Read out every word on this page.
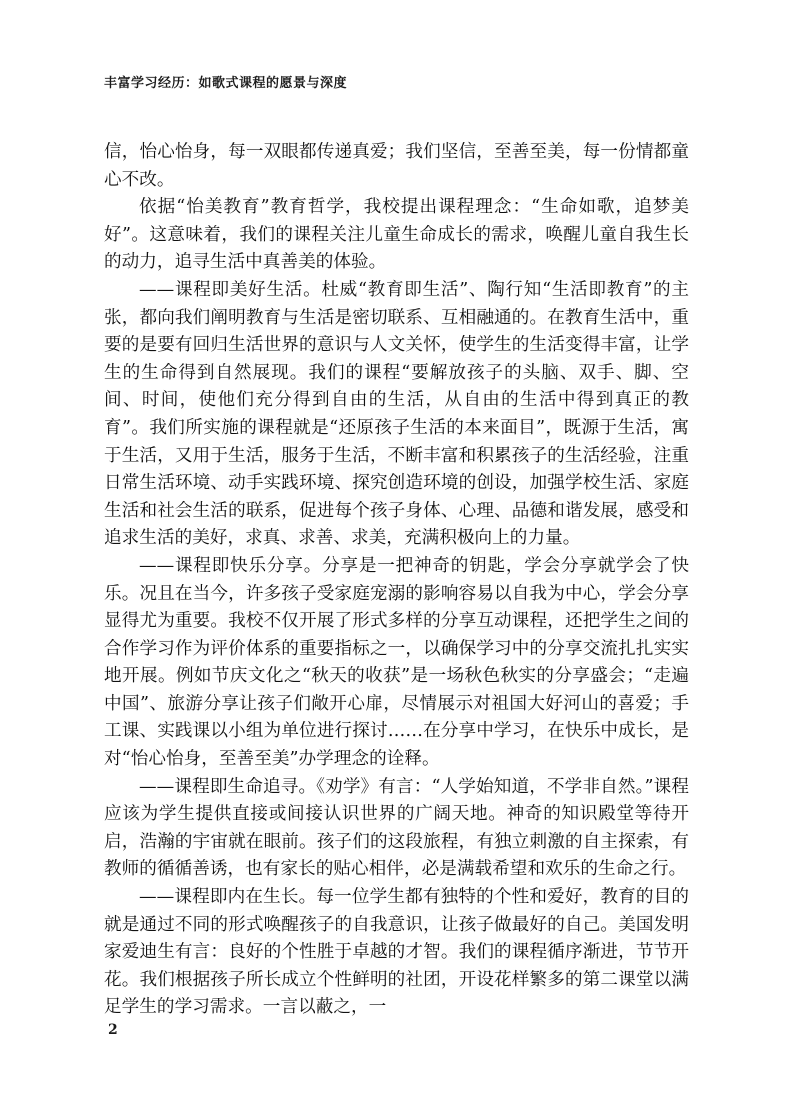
丰富学习经历：如歌式课程的愿景与深度

信，怡心怡身，每一双眼都传递真爱；我们坚信，至善至美，每一份情都童心不改。

依据“怡美教育”教育哲学，我校提出课程理念：“生命如歌，追梦美好”。这意味着，我们的课程关注儿童生命成长的需求，唤醒儿童自我生长的动力，追寻生活中真善美的体验。

——课程即美好生活。杜威“教育即生活”、陶行知“生活即教育”的主张，都向我们阐明教育与生活是密切联系、互相融通的。在教育生活中，重要的是要有回归生活世界的意识与人文关怀，使学生的生活变得丰富，让学生的生命得到自然展现。我们的课程“要解放孩子的头脑、双手、脚、空间、时间，使他们充分得到自由的生活，从自由的生活中得到真正的教育”。我们所实施的课程就是“还原孩子生活的本来面目”，既源于生活，寓于生活，又用于生活，服务于生活，不断丰富和积累孩子的生活经验，注重日常生活环境、动手实践环境、探究创造环境的创设，加强学校生活、家庭生活和社会生活的联系，促进每个孩子身体、心理、品德和谐发展，感受和追求生活的美好，求真、求善、求美，充满积极向上的力量。

——课程即快乐分享。分享是一把神奇的钥匙，学会分享就学会了快乐。况且在当今，许多孩子受家庭宠溺的影响容易以自我为中心，学会分享显得尤为重要。我校不仅开展了形式多样的分享互动课程，还把学生之间的合作学习作为评价体系的重要指标之一，以确保学习中的分享交流扎扎实实地开展。例如节庆文化之“秋天的收获”是一场秋色秋实的分享盛会；“走遍中国”、旅游分享让孩子们敞开心扉，尽情展示对祖国大好河山的喜爱；手工课、实践课以小组为单位进行探讨……在分享中学习，在快乐中成长，是对“怡心怡身，至善至美”办学理念的诠释。

——课程即生命追寻。《劝学》有言：“人学始知道，不学非自然。”课程应该为学生提供直接或间接认识世界的广阔天地。神奇的知识殿堂等待开启，浩瀚的宇宙就在眼前。孩子们的这段旅程，有独立刺激的自主探索，有教师的循循善诱，也有家长的贴心相伴，必是满载希望和欢乐的生命之行。

——课程即内在生长。每一位学生都有独特的个性和爱好，教育的目的就是通过不同的形式唤醒孩子的自我意识，让孩子做最好的自己。美国发明家爱迪生有言：良好的个性胜于卓越的才智。我们的课程循序渐进，节节开花。我们根据孩子所长成立个性鲜明的社团，开设花样繁多的第二课堂以满足学生的学习需求。一言以蔽之，一

2
